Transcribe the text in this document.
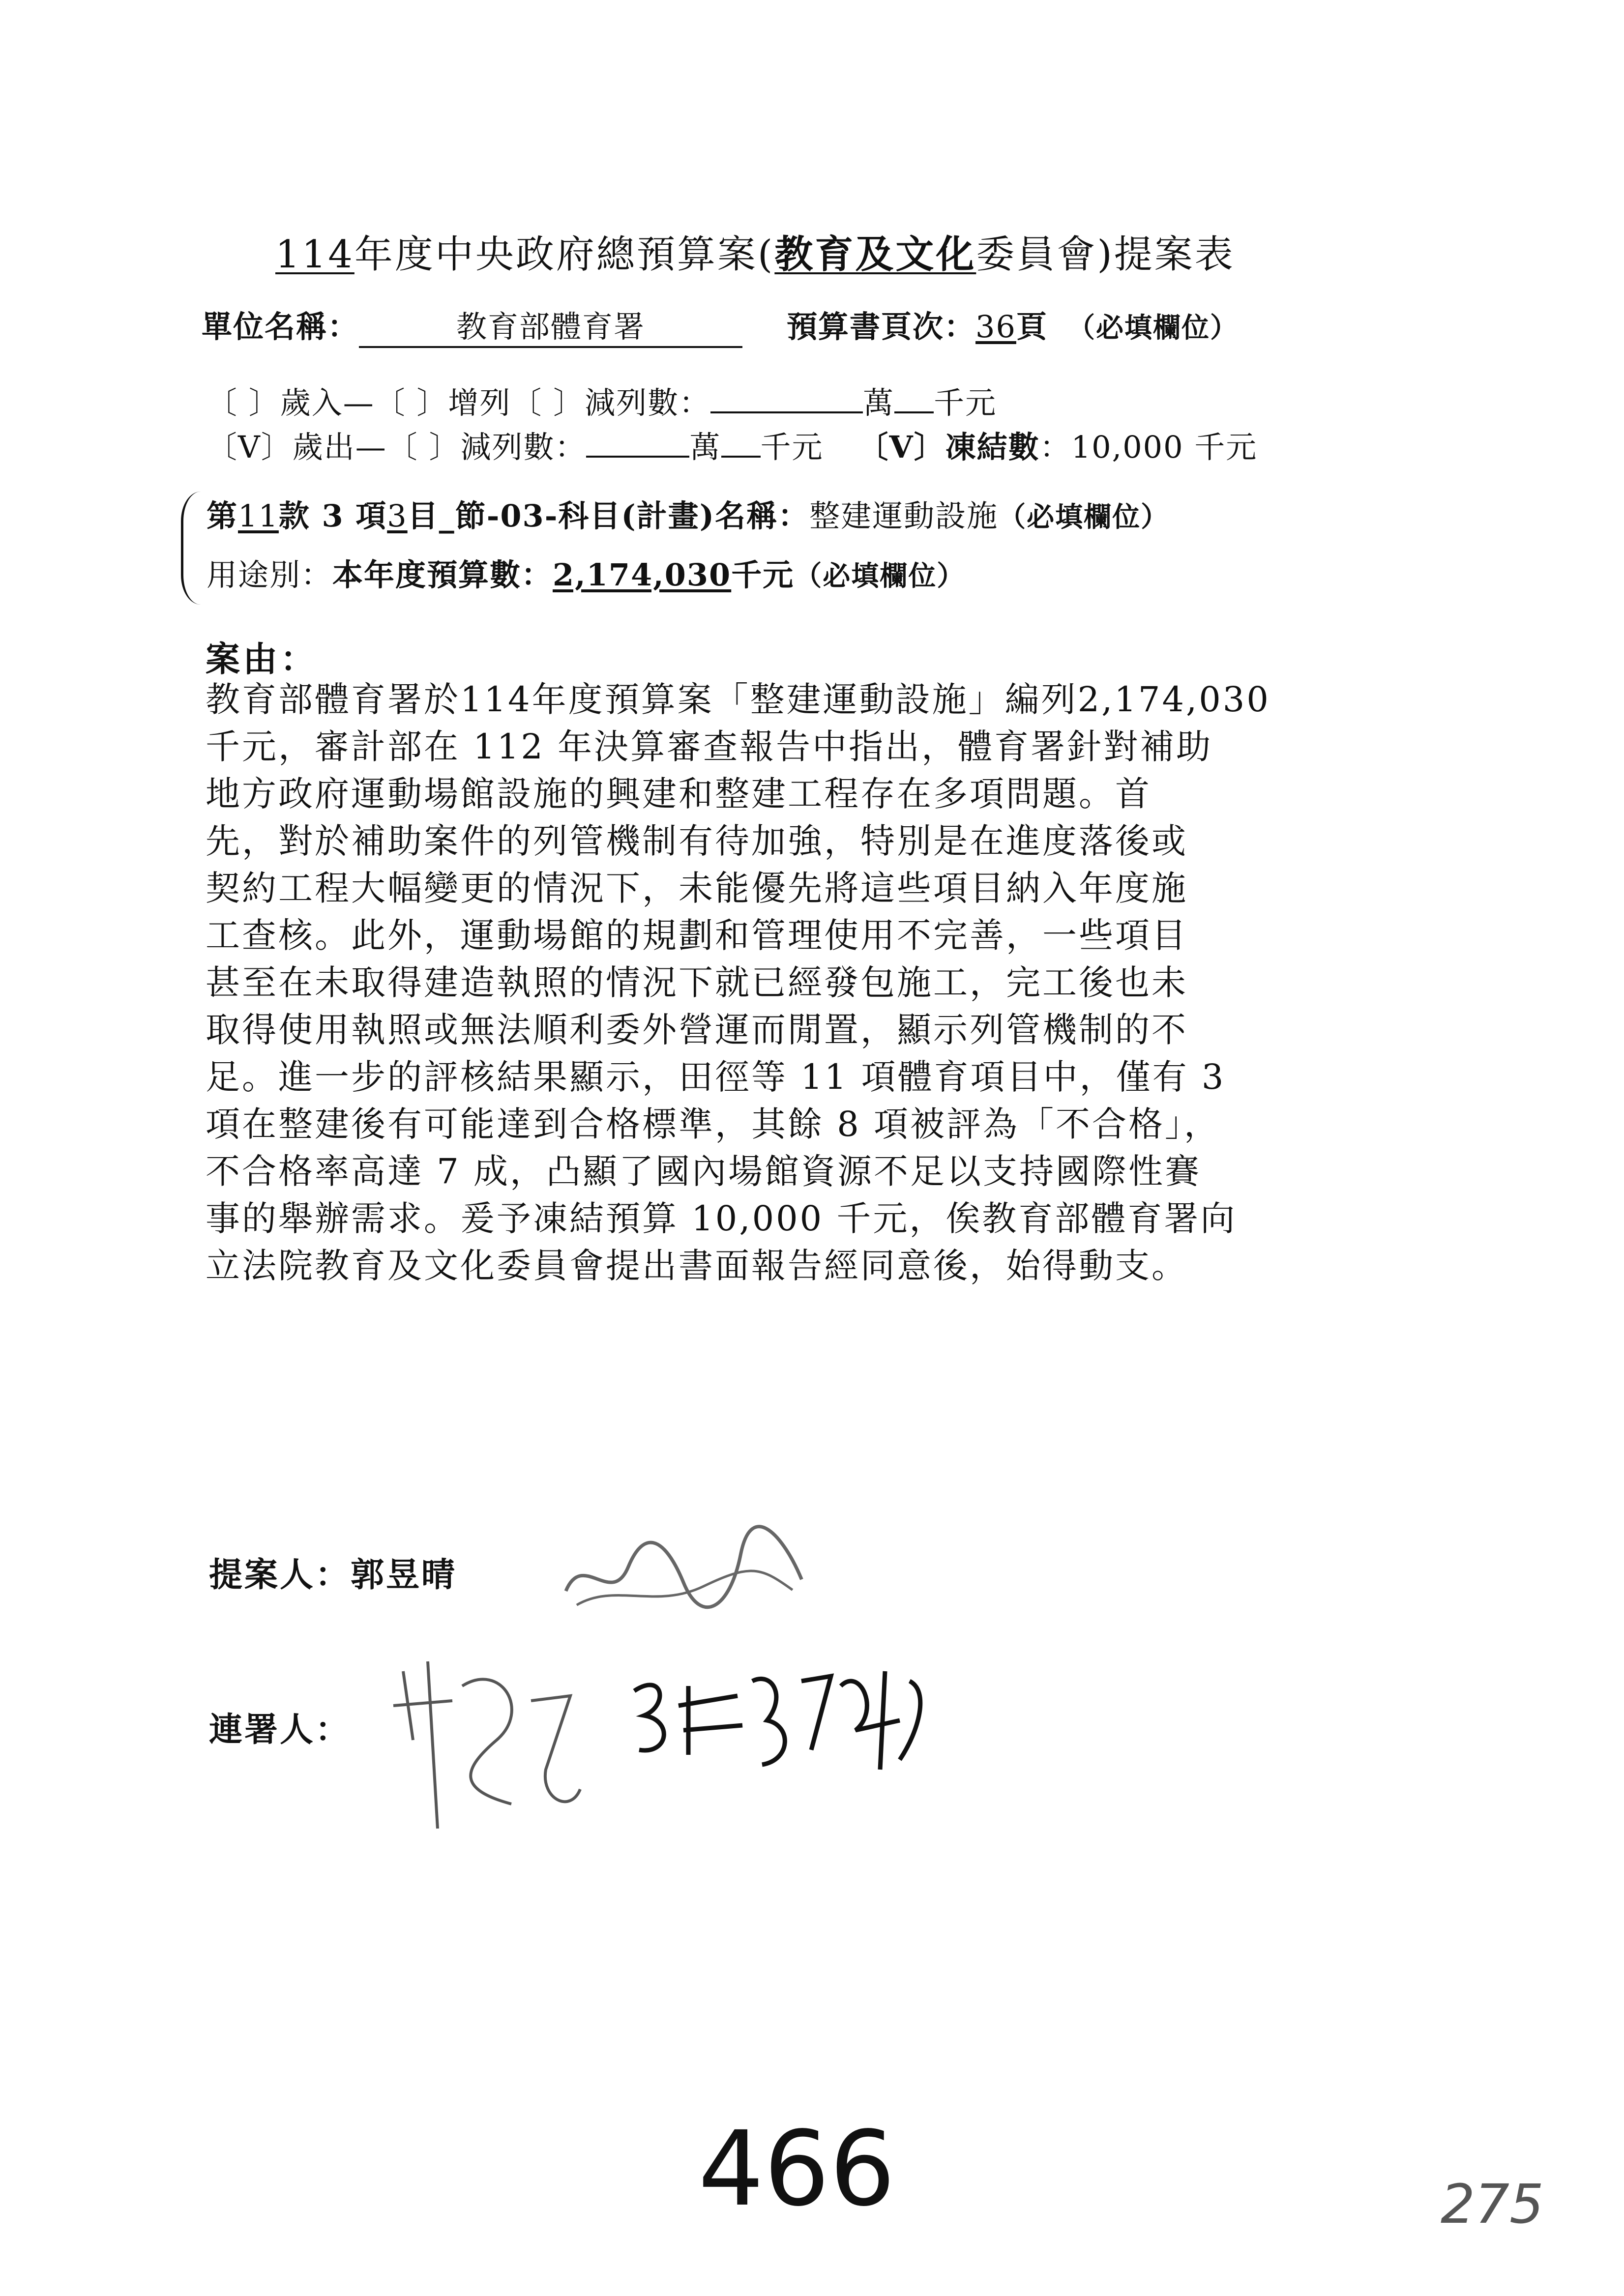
114年度中央政府總預算案(教育及文化委員會)提案表
單位名稱：	教育部體育署	預算書頁次：36頁 （必填欄位）
〔 〕歲入—〔 〕增列〔 〕減列數：	萬 千元
〔V〕歲出—〔 〕減列數：	萬 千元 〔V〕凍結數：10,000 千元
第11款 3 項3目_節-03-科目(計畫)名稱：整建運動設施（必填欄位）
用途別：本年度預算數：2,174,030千元（必填欄位）
案由：
教育部體育署於114年度預算案「整建運動設施」編列2,174,030
千元，審計部在 112 年決算審查報告中指出，體育署針對補助
地方政府運動場館設施的興建和整建工程存在多項問題。首
先，對於補助案件的列管機制有待加強，特別是在進度落後或
契約工程大幅變更的情況下，未能優先將這些項目納入年度施
工查核。此外，運動場館的規劃和管理使用不完善，一些項目
甚至在未取得建造執照的情況下就已經發包施工，完工後也未
取得使用執照或無法順利委外營運而閒置，顯示列管機制的不
足。進一步的評核結果顯示，田徑等 11 項體育項目中，僅有 3
項在整建後有可能達到合格標準，其餘 8 項被評為「不合格」，
不合格率高達 7 成，凸顯了國內場館資源不足以支持國際性賽
事的舉辦需求。爰予凍結預算 10,000 千元，俟教育部體育署向
立法院教育及文化委員會提出書面報告經同意後，始得動支。
提案人：郭昱晴
連署人：
466	275
